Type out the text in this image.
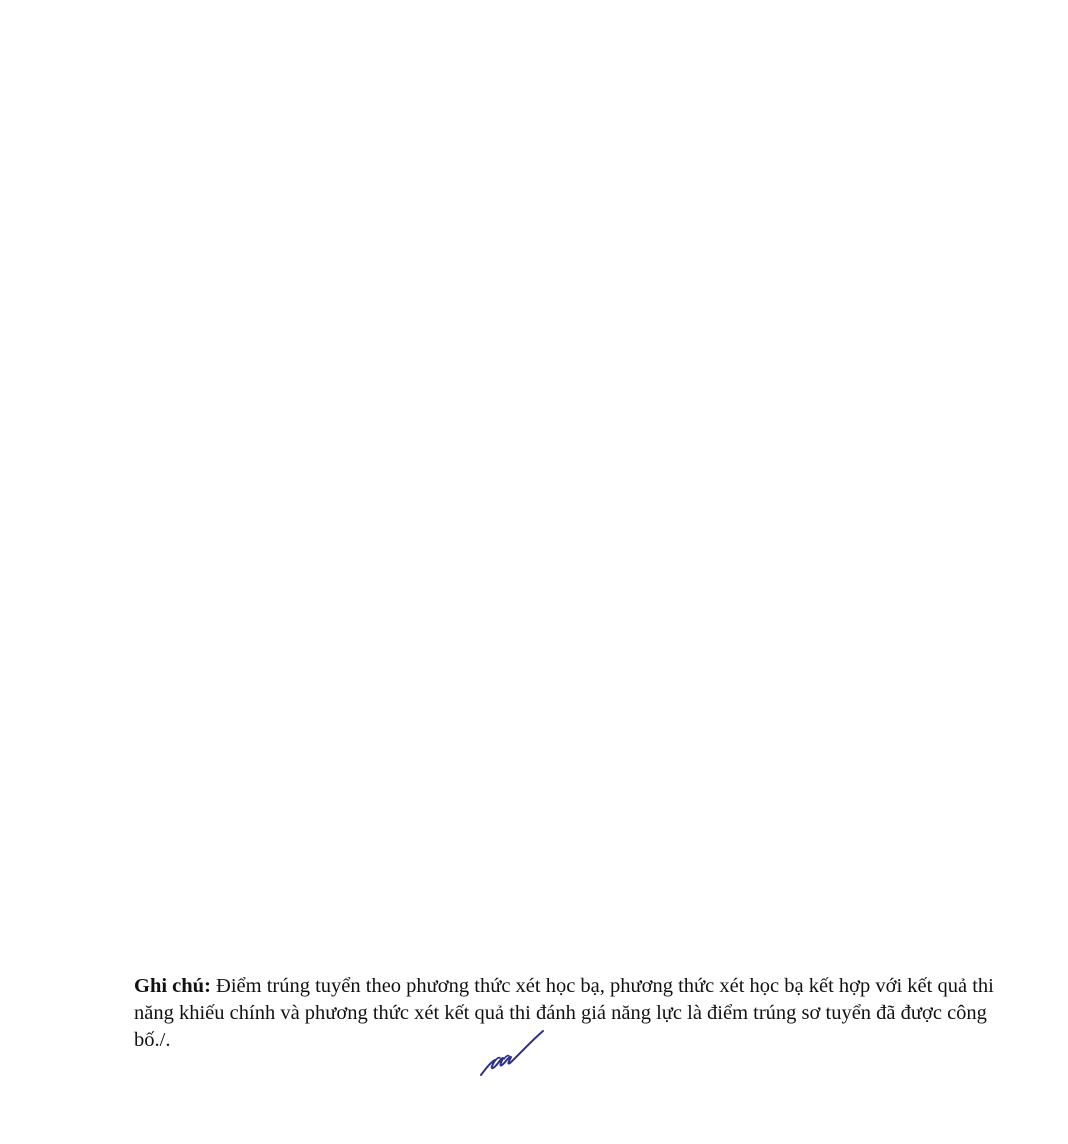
Ghi chú: Điểm trúng tuyển theo phương thức xét học bạ, phương thức xét học bạ kết hợp với kết quả thi năng khiếu chính và phương thức xét kết quả thi đánh giá năng lực là điểm trúng sơ tuyển đã được công bố./.
